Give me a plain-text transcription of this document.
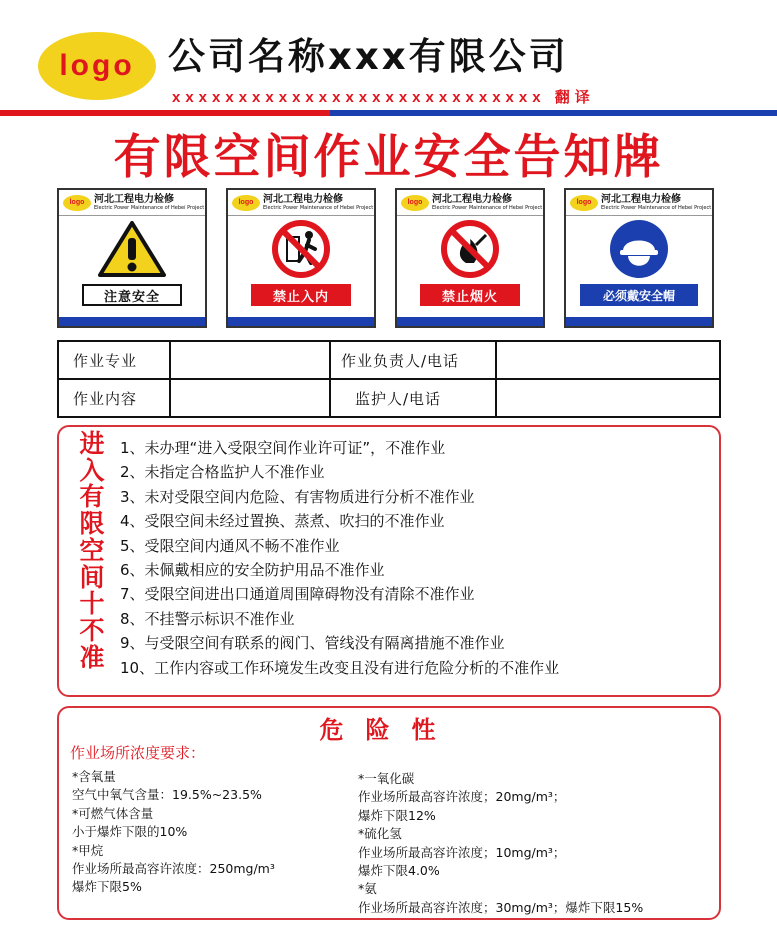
logo 公司名称xxx有限公司
xxxxxxxxxxxxxxxxxxxxxxxxxxxx 翻译
有限空间作业安全告知牌
logo 河北工程电力检修
Electric Power Maintenance of Hebei Project
注意安全
logo 河北工程电力检修
Electric Power Maintenance of Hebei Project
禁止入内
logo 河北工程电力检修
Electric Power Maintenance of Hebei Project
禁止烟火
logo 河北工程电力检修
Electric Power Maintenance of Hebei Project
必须戴安全帽
作业专业		作业负责人/电话	
作业内容		监护人/电话	
进入有限空间十不准
1、未办理“进入受限空间作业许可证”，不准作业
2、未指定合格监护人不准作业
3、未对受限空间内危险、有害物质进行分析不准作业
4、受限空间未经过置换、蒸煮、吹扫的不准作业
5、受限空间内通风不畅不准作业
6、未佩戴相应的安全防护用品不准作业
7、受限空间进出口通道周围障碍物没有清除不准作业
8、不挂警示标识不准作业
9、与受限空间有联系的阀门、管线没有隔离措施不准作业
10、工作内容或工作环境发生改变且没有进行危险分析的不准作业
危险性
作业场所浓度要求：
*含氧量
空气中氧气含量：19.5%~23.5%
*可燃气体含量
小于爆炸下限的10%
*甲烷
作业场所最高容许浓度：250mg/m³
爆炸下限5%
*一氧化碳
作业场所最高容许浓度；20mg/m³；
爆炸下限12%
*硫化氢
作业场所最高容许浓度；10mg/m³；
爆炸下限4.0%
*氨
作业场所最高容许浓度；30mg/m³；爆炸下限15%
